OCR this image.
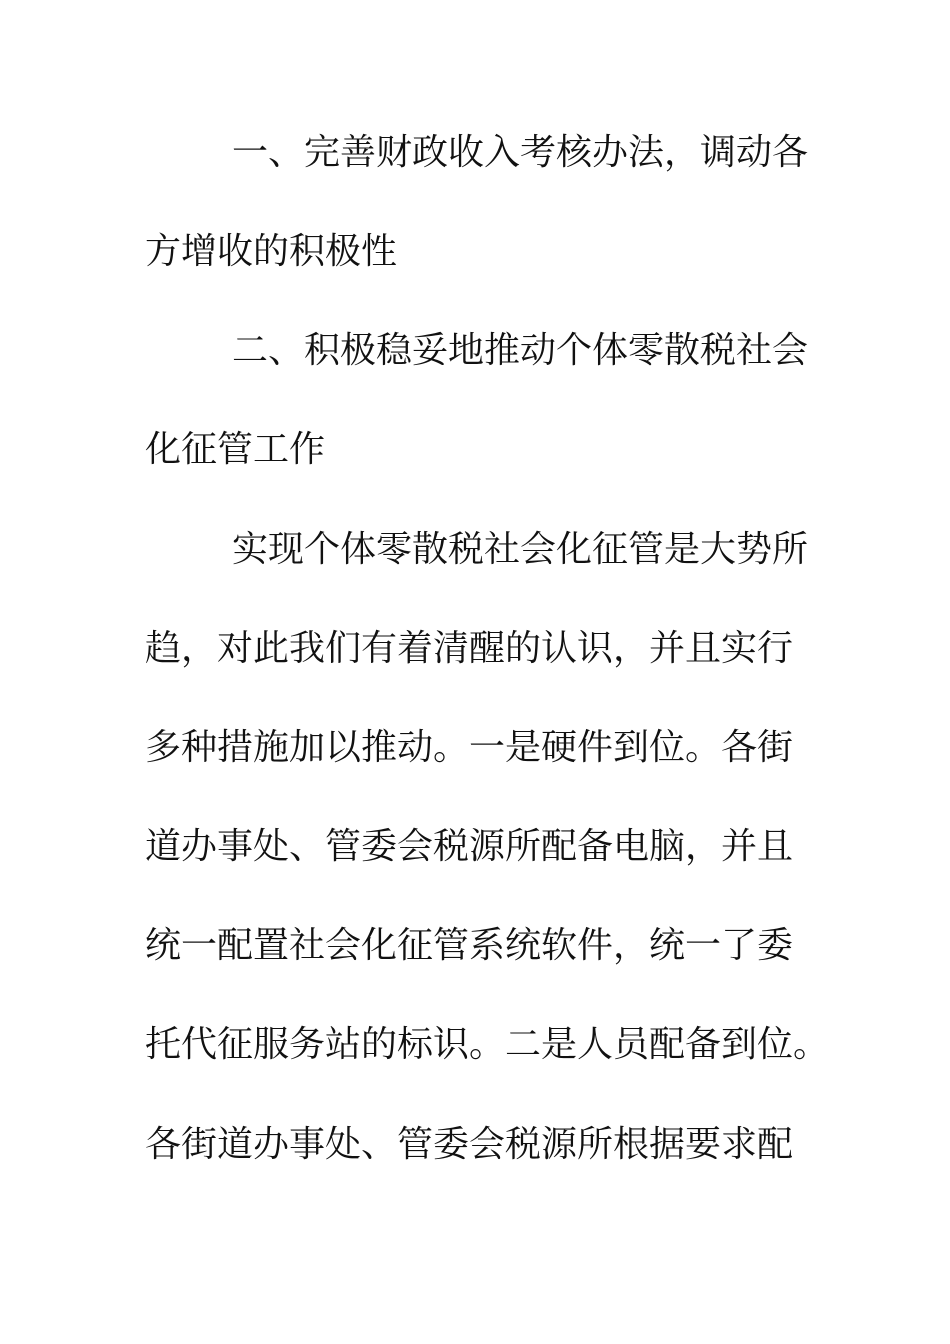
一、完善财政收入考核办法，调动各
方增收的积极性
二、积极稳妥地推动个体零散税社会
化征管工作
实现个体零散税社会化征管是大势所
趋，对此我们有着清醒的认识，并且实行
多种措施加以推动。一是硬件到位。各街
道办事处、管委会税源所配备电脑，并且
统一配置社会化征管系统软件，统一了委
托代征服务站的标识。二是人员配备到位。
各街道办事处、管委会税源所根据要求配
